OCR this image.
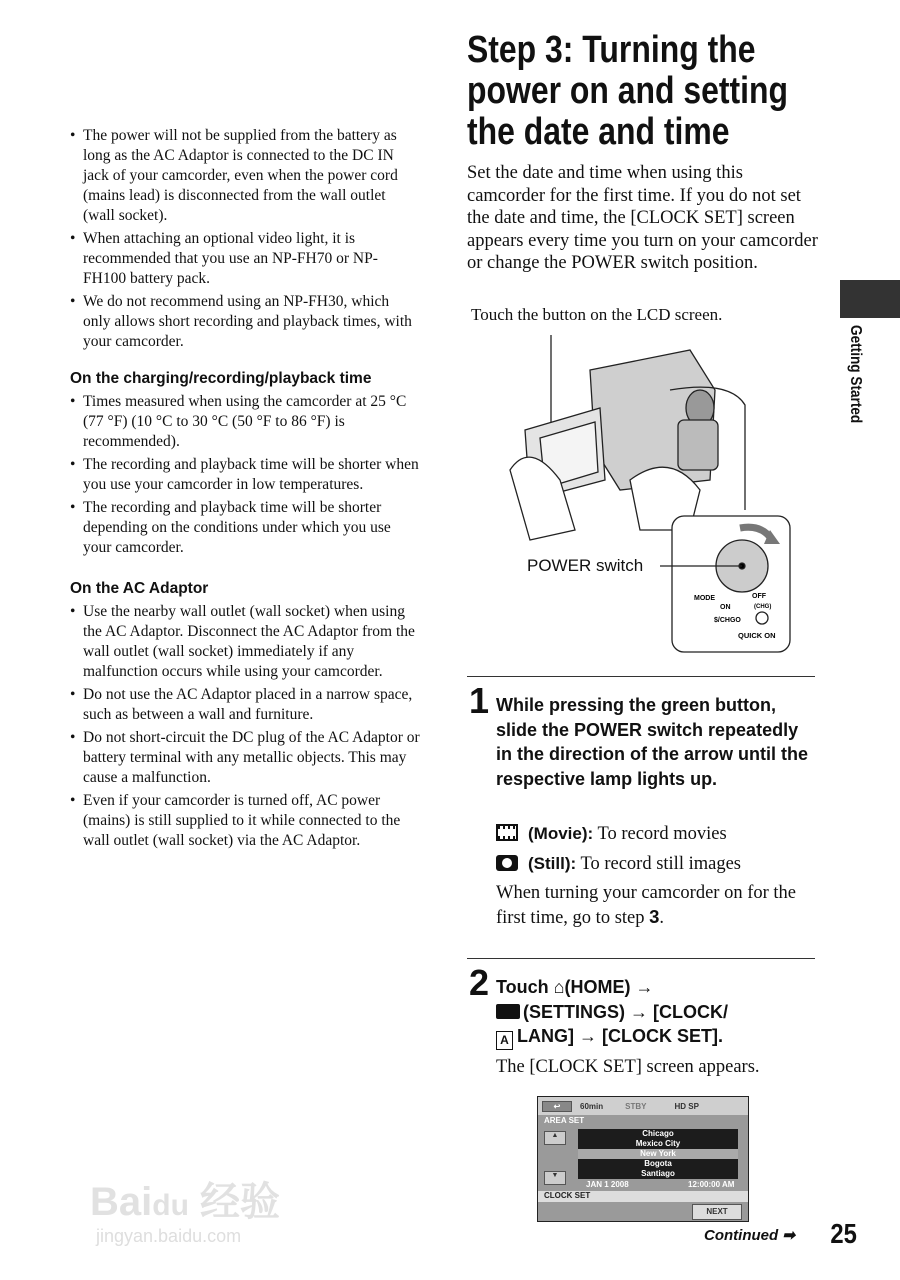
• The power will not be supplied from the battery as long as the AC Adaptor is connected to the DC IN jack of your camcorder, even when the power cord (mains lead) is disconnected from the wall outlet (wall socket).
• When attaching an optional video light, it is recommended that you use an NP-FH70 or NP-FH100 battery pack.
• We do not recommend using an NP-FH30, which only allows short recording and playback times, with your camcorder.
On the charging/recording/playback time
• Times measured when using the camcorder at 25 °C (77 °F) (10 °C to 30 °C (50 °F to 86 °F) is recommended).
• The recording and playback time will be shorter when you use your camcorder in low temperatures.
• The recording and playback time will be shorter depending on the conditions under which you use your camcorder.
On the AC Adaptor
• Use the nearby wall outlet (wall socket) when using the AC Adaptor. Disconnect the AC Adaptor from the wall outlet (wall socket) immediately if any malfunction occurs while using your camcorder.
• Do not use the AC Adaptor placed in a narrow space, such as between a wall and furniture.
• Do not short-circuit the DC plug of the AC Adaptor or battery terminal with any metallic objects. This may cause a malfunction.
• Even if your camcorder is turned off, AC power (mains) is still supplied to it while connected to the wall outlet (wall socket) via the AC Adaptor.
Step 3: Turning the
power on and setting
the date and time
Set the date and time when using this camcorder for the first time. If you do not set the date and time, the [CLOCK SET] screen appears every time you turn on your camcorder or change the POWER switch position.
Touch the button on the LCD screen.
MODE
ON
OFF
(CHG)
$/CHGO
QUICK ON
POWER switch
1 While pressing the green button, slide the POWER switch repeatedly in the direction of the arrow until the respective lamp lights up.
(Movie): To record movies
(Still): To record still images
When turning your camcorder on for the first time, go to step 3.
2 Touch ⌂(HOME) →
(SETTINGS) → [CLOCK/
A LANG] → [CLOCK SET].
The [CLOCK SET] screen appears.
↩	60min	STBY	HD SP
AREA SET
▲
▼
Chicago
Mexico City
New York
Bogota
Santiago
JAN 1 2008	12:00:00 AM
CLOCK SET
NEXT
Getting Started
Continued ➡ 25
Baidu 经验
jingyan.baidu.com
